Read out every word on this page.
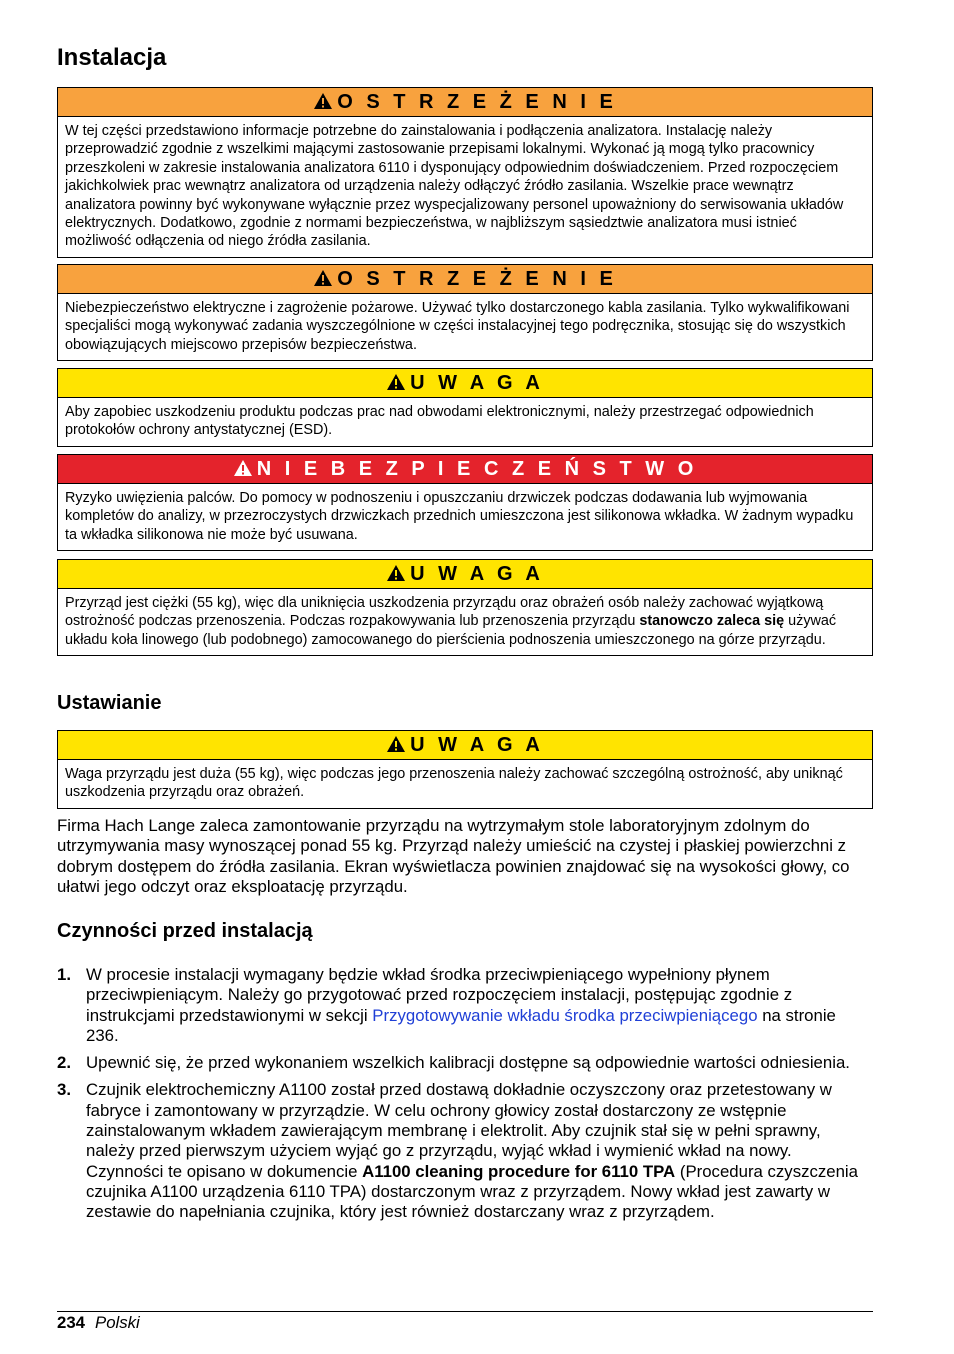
Instalacja
O S T R Z E Ż E N I E
W tej części przedstawiono informacje potrzebne do zainstalowania i podłączenia analizatora. Instalację należy przeprowadzić zgodnie z wszelkimi mającymi zastosowanie przepisami lokalnymi. Wykonać ją mogą tylko pracownicy przeszkoleni w zakresie instalowania analizatora 6110 i dysponujący odpowiednim doświadczeniem. Przed rozpoczęciem jakichkolwiek prac wewnątrz analizatora od urządzenia należy odłączyć źródło zasilania. Wszelkie prace wewnątrz analizatora powinny być wykonywane wyłącznie przez wyspecjalizowany personel upoważniony do serwisowania układów elektrycznych. Dodatkowo, zgodnie z normami bezpieczeństwa, w najbliższym sąsiedztwie analizatora musi istnieć możliwość odłączenia od niego źródła zasilania.
O S T R Z E Ż E N I E
Niebezpieczeństwo elektryczne i zagrożenie pożarowe. Używać tylko dostarczonego kabla zasilania. Tylko wykwalifikowani specjaliści mogą wykonywać zadania wyszczególnione w części instalacyjnej tego podręcznika, stosując się do wszystkich obowiązujących miejscowo przepisów bezpieczeństwa.
U W A G A
Aby zapobiec uszkodzeniu produktu podczas prac nad obwodami elektronicznymi, należy przestrzegać odpowiednich protokołów ochrony antystatycznej (ESD).
N I E B E Z P I E C Z E Ń S T W O
Ryzyko uwięzienia palców. Do pomocy w podnoszeniu i opuszczaniu drzwiczek podczas dodawania lub wyjmowania kompletów do analizy, w przezroczystych drzwiczkach przednich umieszczona jest silikonowa wkładka. W żadnym wypadku ta wkładka silikonowa nie może być usuwana.
U W A G A
Przyrząd jest ciężki (55 kg), więc dla uniknięcia uszkodzenia przyrządu oraz obrażeń osób należy zachować wyjątkową ostrożność podczas przenoszenia. Podczas rozpakowywania lub przenoszenia przyrządu stanowczo zaleca się używać układu koła linowego (lub podobnego) zamocowanego do pierścienia podnoszenia umieszczonego na górze przyrządu.
Ustawianie
U W A G A
Waga przyrządu jest duża (55 kg), więc podczas jego przenoszenia należy zachować szczególną ostrożność, aby uniknąć uszkodzenia przyrządu oraz obrażeń.
Firma Hach Lange zaleca zamontowanie przyrządu na wytrzymałym stole laboratoryjnym zdolnym do utrzymywania masy wynoszącej ponad 55 kg. Przyrząd należy umieścić na czystej i płaskiej powierzchni z dobrym dostępem do źródła zasilania. Ekran wyświetlacza powinien znajdować się na wysokości głowy, co ułatwi jego odczyt oraz eksploatację przyrządu.
Czynności przed instalacją
1. W procesie instalacji wymagany będzie wkład środka przeciwpieniącego wypełniony płynem przeciwpieniącym. Należy go przygotować przed rozpoczęciem instalacji, postępując zgodnie z instrukcjami przedstawionymi w sekcji Przygotowywanie wkładu środka przeciwpieniącego na stronie 236.
2. Upewnić się, że przed wykonaniem wszelkich kalibracji dostępne są odpowiednie wartości odniesienia.
3. Czujnik elektrochemiczny A1100 został przed dostawą dokładnie oczyszczony oraz przetestowany w fabryce i zamontowany w przyrządzie. W celu ochrony głowicy został dostarczony ze wstępnie zainstalowanym wkładem zawierającym membranę i elektrolit. Aby czujnik stał się w pełni sprawny, należy przed pierwszym użyciem wyjąć go z przyrządu, wyjąć wkład i wymienić wkład na nowy. Czynności te opisano w dokumencie A1100 cleaning procedure for 6110 TPA (Procedura czyszczenia czujnika A1100 urządzenia 6110 TPA) dostarczonym wraz z przyrządem. Nowy wkład jest zawarty w zestawie do napełniania czujnika, który jest również dostarczany wraz z przyrządem.
234 Polski
